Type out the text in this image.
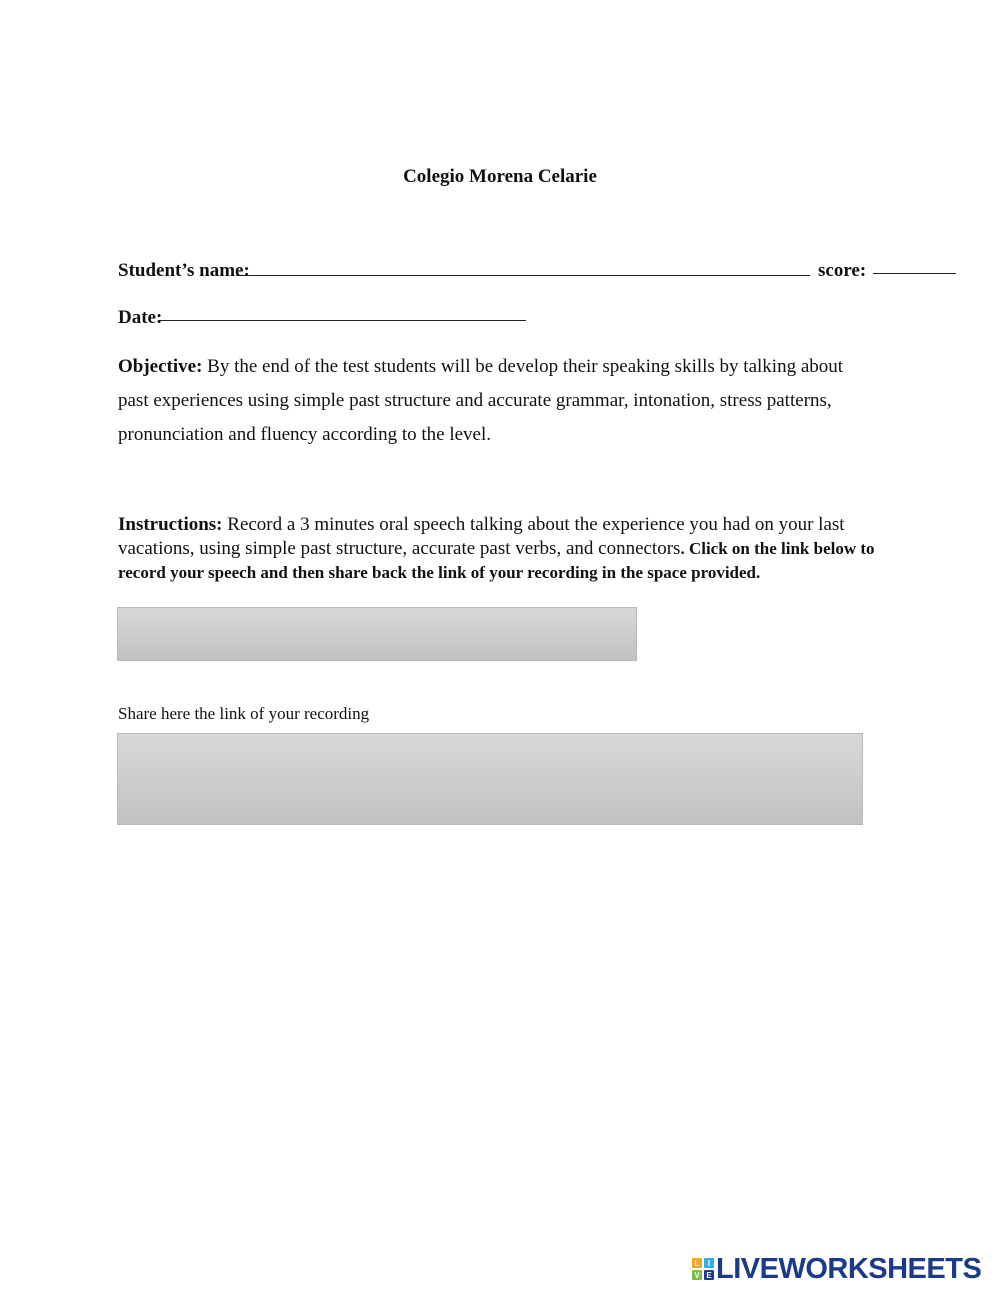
Colegio Morena Celarie
Student’s name:	score:
Date:
Objective: By the end of the test students will be develop their speaking skills by talking about past experiences using simple past structure and accurate grammar, intonation, stress patterns, pronunciation and fluency according to the level.
Instructions: Record a 3 minutes oral speech talking about the experience you had on your last vacations, using simple past structure, accurate past verbs, and connectors. Click on the link below to record your speech and then share back the link of your recording in the space provided.
Share here the link of your recording
L I
V E LIVEWORKSHEETS
